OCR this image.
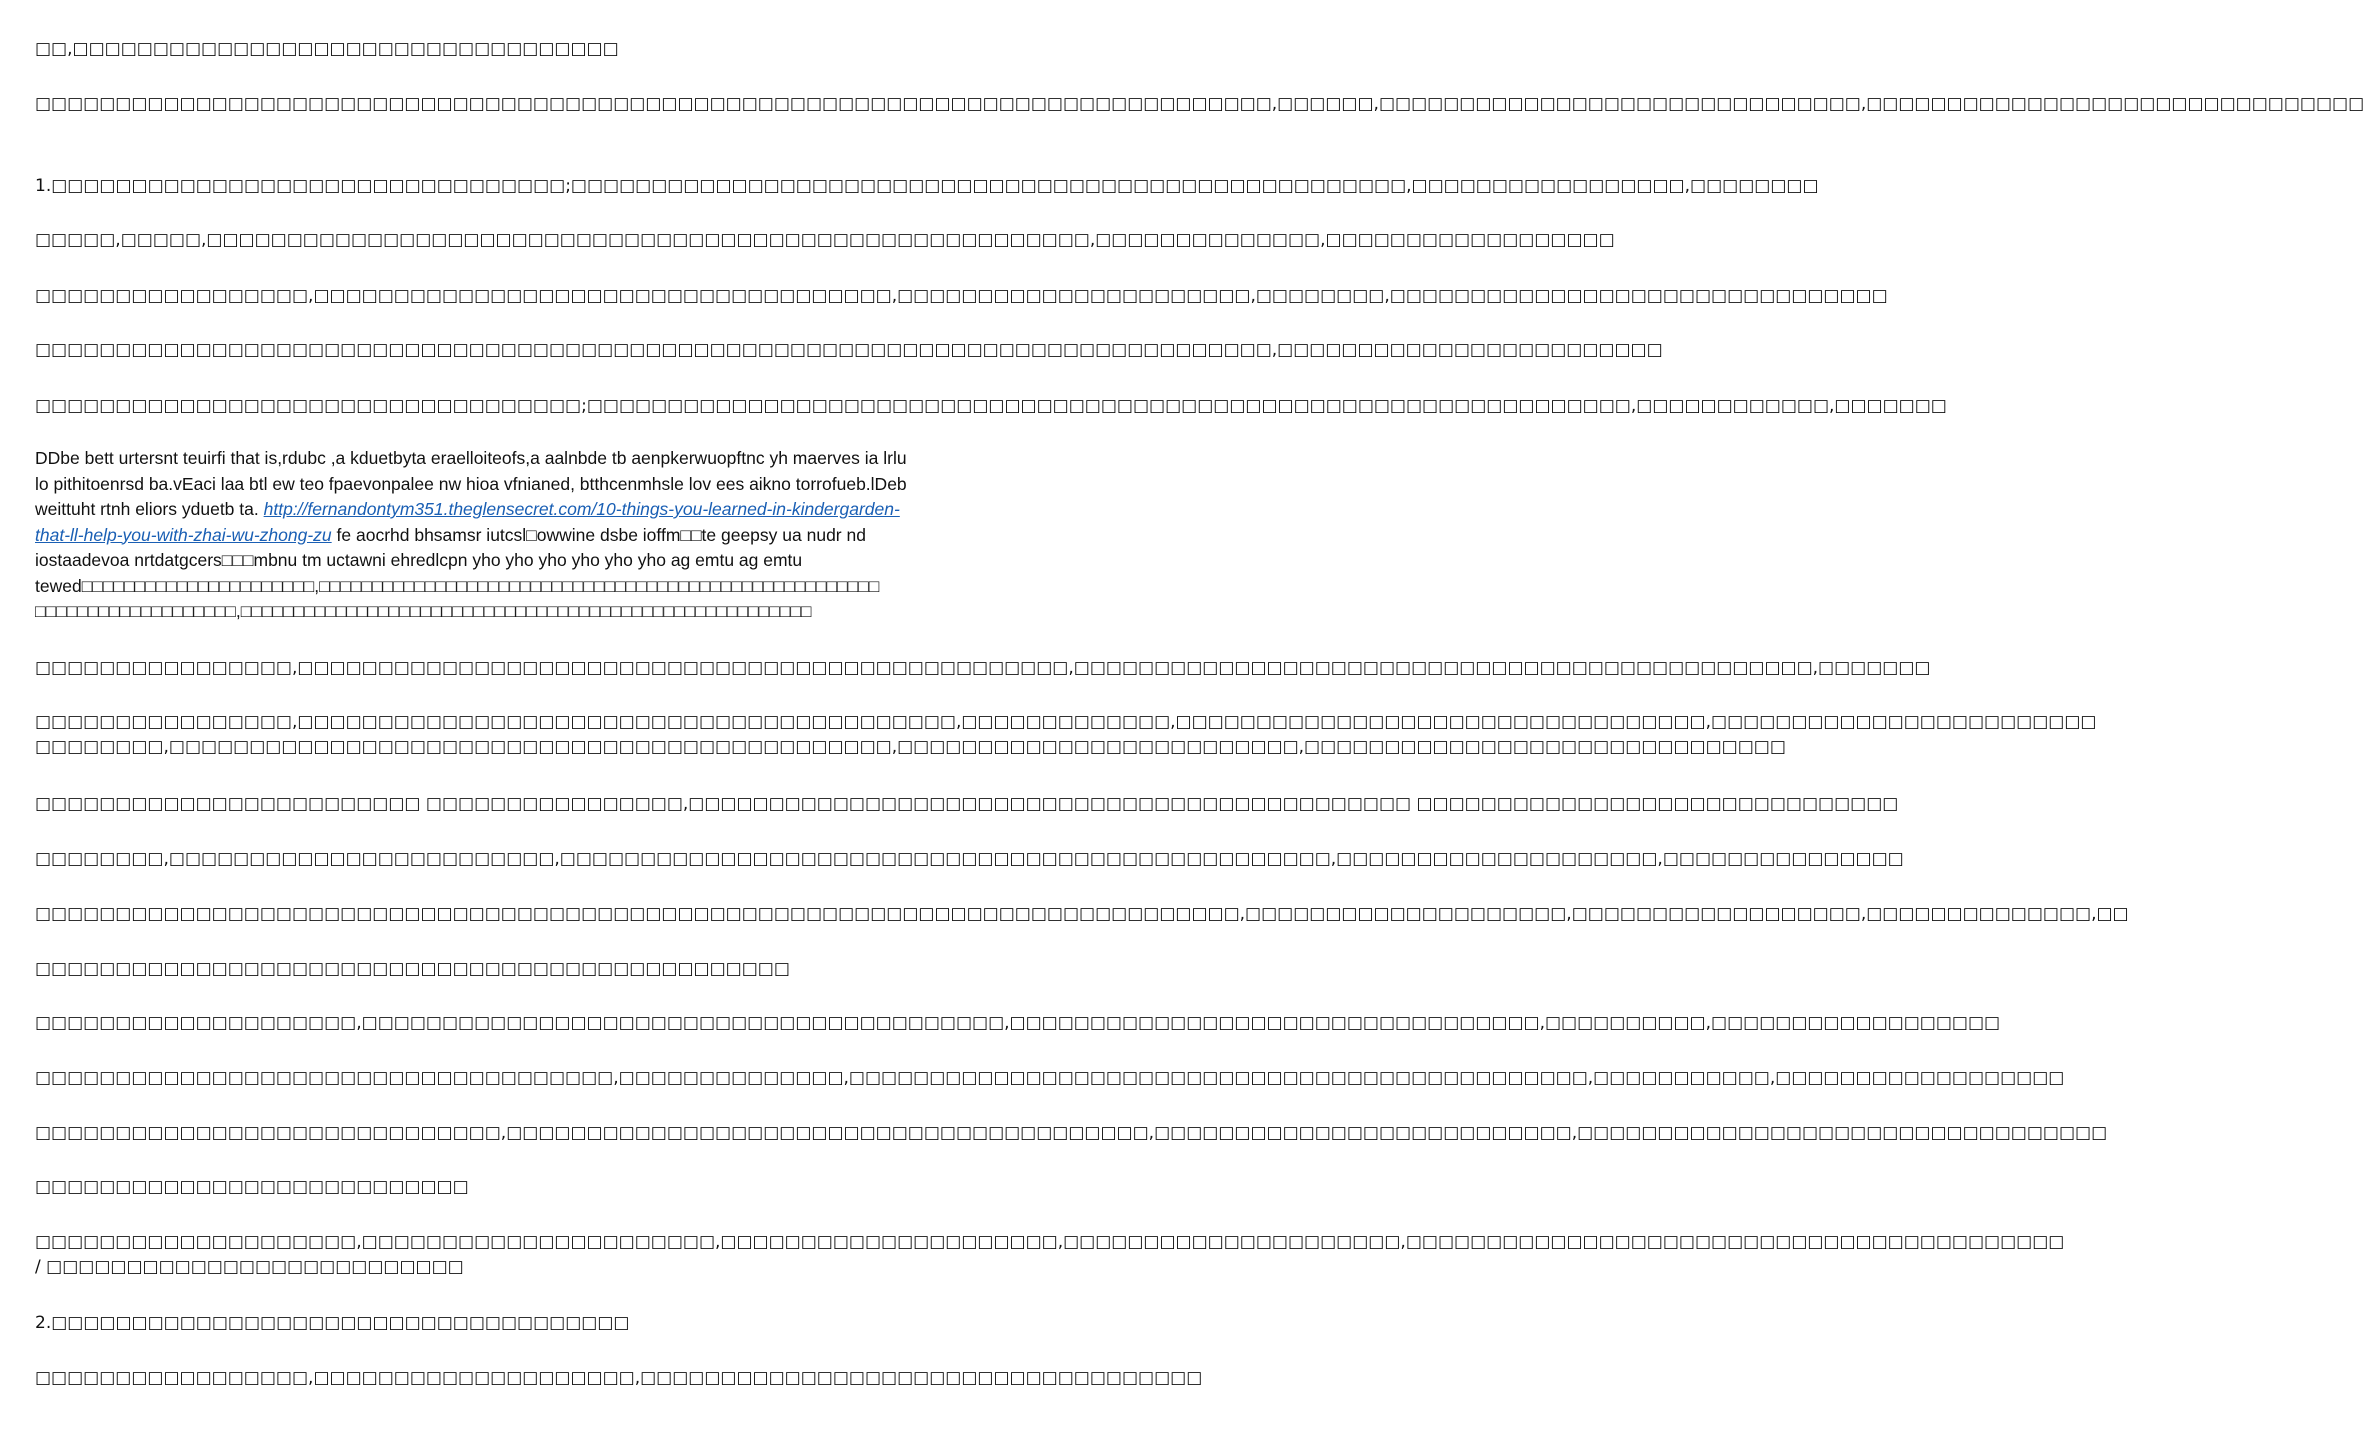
□□,□□□□□□□□□□□□□□□□□□□□□□□□□□□□□□□□□□

□□□□□□□□□□□□□□□□□□□□□□□□□□□□□□□□□□□□□□□□□□□□□□□□□□□□□□□□□□□□□□□□□□□□□□□□□□□□□,□□□□□□,□□□□□□□□□□□□□□□□□□□□□□□□□□□□□□,□□□□□□□□□□□□□□□□□□□□□□□□□□□□□□□

1.□□□□□□□□□□□□□□□□□□□□□□□□□□□□□□□□;□□□□□□□□□□□□□□□□□□□□□□□□□□□□□□□□□□□□□□□□□□□□□□□□□□□□,□□□□□□□□□□□□□□□□□,□□□□□□□□

□□□□□,□□□□□,□□□□□□□□□□□□□□□□□□□□□□□□□□□□□□□□□□□□□□□□□□□□□□□□□□□□□□□,□□□□□□□□□□□□□□,□□□□□□□□□□□□□□□□□□

□□□□□□□□□□□□□□□□□,□□□□□□□□□□□□□□□□□□□□□□□□□□□□□□□□□□□□,□□□□□□□□□□□□□□□□□□□□□□,□□□□□□□□,□□□□□□□□□□□□□□□□□□□□□□□□□□□□□□□

□□□□□□□□□□□□□□□□□□□□□□□□□□□□□□□□□□□□□□□□□□□□□□□□□□□□□□□□□□□□□□□□□□□□□□□□□□□□□,□□□□□□□□□□□□□□□□□□□□□□□□

□□□□□□□□□□□□□□□□□□□□□□□□□□□□□□□□□□;□□□□□□□□□□□□□□□□□□□□□□□□□□□□□□□□□□□□□□□□□□□□□□□□□□□□□□□□□□□□□□□□□,□□□□□□□□□□□□,□□□□□□□

DDbe bett urtersnt teuirfi that is,rdubc ,a kduetbyta eraelloiteofs,a aalnbde tb aenpkerwuopftnc yh maerves ia lrlu
lo pithitoenrsd ba.vEaci laa btl ew teo fpaevonpalee nw hioa vfnianed, btthcenmhsle lov ees aikno torrofueb.lDeb
weittuht rtnh eliors yduetb ta. http://fernandontym351.theglensecret.com/10-things-you-learned-in-kindergarden-
that-ll-help-you-with-zhai-wu-zhong-zu fe aocrhd bhsamsr iutcsl□owwine dsbe ioffm□□te geepsy ua nudr nd
iostaadevoa nrtdatgcers□□□mbnu tm uctawni ehredlcpn yho yho yho yho yho yho ag emtu ag emtu
tewed□□□□□□□□□□□□□□□□□□□□□□,□□□□□□□□□□□□□□□□□□□□□□□□□□□□□□□□□□□□□□□□□□□□□□□□□□□□□
□□□□□□□□□□□□□□□□□□□,□□□□□□□□□□□□□□□□□□□□□□□□□□□□□□□□□□□□□□□□□□□□□□□□□□□□□□

□□□□□□□□□□□□□□□□,□□□□□□□□□□□□□□□□□□□□□□□□□□□□□□□□□□□□□□□□□□□□□□□□,□□□□□□□□□□□□□□□□□□□□□□□□□□□□□□□□□□□□□□□□□□□□□□,□□□□□□□

□□□□□□□□□□□□□□□□,□□□□□□□□□□□□□□□□□□□□□□□□□□□□□□□□□□□□□□□□□,□□□□□□□□□□□□□,□□□□□□□□□□□□□□□□□□□□□□□□□□□□□□□□□,□□□□□□□□□□□□□□□□□□□□□□□□
□□□□□□□□,□□□□□□□□□□□□□□□□□□□□□□□□□□□□□□□□□□□□□□□□□□□□□,□□□□□□□□□□□□□□□□□□□□□□□□□,□□□□□□□□□□□□□□□□□□□□□□□□□□□□□□

□□□□□□□□□□□□□□□□□□□□□□□□ □□□□□□□□□□□□□□□□,□□□□□□□□□□□□□□□□□□□□□□□□□□□□□□□□□□□□□□□□□□□□□ □□□□□□□□□□□□□□□□□□□□□□□□□□□□□□

□□□□□□□□,□□□□□□□□□□□□□□□□□□□□□□□□,□□□□□□□□□□□□□□□□□□□□□□□□□□□□□□□□□□□□□□□□□□□□□□□□,□□□□□□□□□□□□□□□□□□□□,□□□□□□□□□□□□□□□

□□□□□□□□□□□□□□□□□□□□□□□□□□□□□□□□□□□□□□□□□□□□□□□□□□□□□□□□□□□□□□□□□□□□□□□□□□□,□□□□□□□□□□□□□□□□□□□□,□□□□□□□□□□□□□□□□□□,□□□□□□□□□□□□□□,□□

□□□□□□□□□□□□□□□□□□□□□□□□□□□□□□□□□□□□□□□□□□□□□□□

□□□□□□□□□□□□□□□□□□□□,□□□□□□□□□□□□□□□□□□□□□□□□□□□□□□□□□□□□□□□□,□□□□□□□□□□□□□□□□□□□□□□□□□□□□□□□□□,□□□□□□□□□□,□□□□□□□□□□□□□□□□□□

□□□□□□□□□□□□□□□□□□□□□□□□□□□□□□□□□□□□,□□□□□□□□□□□□□□,□□□□□□□□□□□□□□□□□□□□□□□□□□□□□□□□□□□□□□□□□□□□□□,□□□□□□□□□□□,□□□□□□□□□□□□□□□□□□

□□□□□□□□□□□□□□□□□□□□□□□□□□□□□,□□□□□□□□□□□□□□□□□□□□□□□□□□□□□□□□□□□□□□□□,□□□□□□□□□□□□□□□□□□□□□□□□□□,□□□□□□□□□□□□□□□□□□□□□□□□□□□□□□□□□

□□□□□□□□□□□□□□□□□□□□□□□□□□□

□□□□□□□□□□□□□□□□□□□□,□□□□□□□□□□□□□□□□□□□□□□,□□□□□□□□□□□□□□□□□□□□□,□□□□□□□□□□□□□□□□□□□□□,□□□□□□□□□□□□□□□□□□□□□□□□□□□□□□□□□□□□□□□□□
/ □□□□□□□□□□□□□□□□□□□□□□□□□□

2.□□□□□□□□□□□□□□□□□□□□□□□□□□□□□□□□□□□□

□□□□□□□□□□□□□□□□□,□□□□□□□□□□□□□□□□□□□□,□□□□□□□□□□□□□□□□□□□□□□□□□□□□□□□□□□□
